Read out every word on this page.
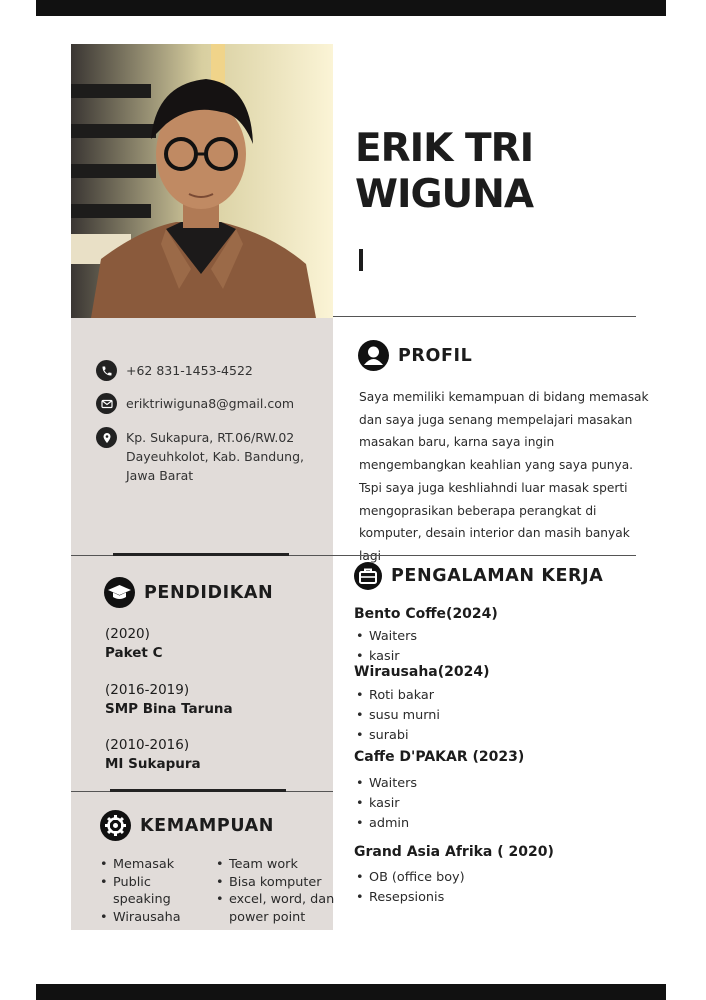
ERIK TRI
WIGUNA
+62 831-1453-4522
eriktriwiguna8@gmail.com
Kp. Sukapura, RT.06/RW.02 Dayeuhkolot, Kab. Bandung, Jawa Barat
PROFIL
Saya memiliki kemampuan di bidang memasak dan saya juga senang mempelajari masakan masakan baru, karna saya ingin mengembangkan keahlian yang saya punya. Tspi saya juga keshliahndi luar masak sperti mengoprasikan beberapa perangkat di komputer, desain interior dan masih banyak
PENDIDIKAN
(2020)
Paket C
(2016-2019)
SMP Bina Taruna
(2010-2016)
MI Sukapura
KEMAMPUAN
• Memasak
• Public speaking
• Wirausaha
• Team work
• Bisa komputer
• excel, word, dan power point
PENGALAMAN KERJA
Bento Coffe(2024)
• Waiters
• kasir
Wirausaha(2024)
• Roti bakar
• susu murni
• surabi
Caffe D'PAKAR (2023)
• Waiters
• kasir
• admin
Grand Asia Afrika ( 2020)
• OB (office boy)
• Resepsionis
